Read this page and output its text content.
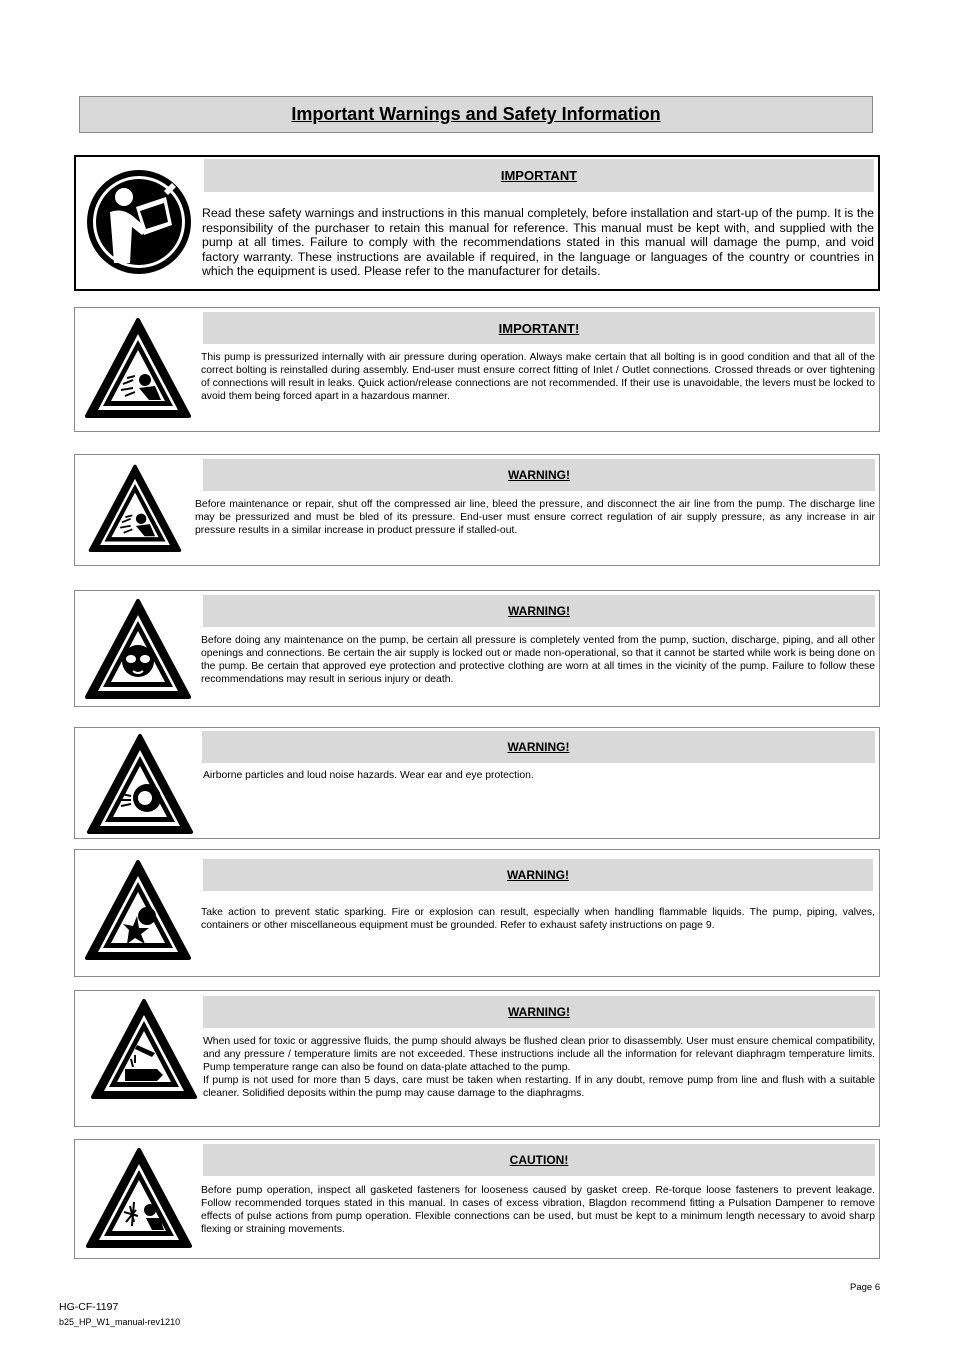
Important Warnings and Safety Information
IMPORTANT
Read these safety warnings and instructions in this manual completely, before installation and start-up of the pump. It is the responsibility of the purchaser to retain this manual for reference. This manual must be kept with, and supplied with the pump at all times. Failure to comply with the recommendations stated in this manual will damage the pump, and void factory warranty. These instructions are available if required, in the language or languages of the country or countries in which the equipment is used. Please refer to the manufacturer for details.
IMPORTANT!
This pump is pressurized internally with air pressure during operation. Always make certain that all bolting is in good condition and that all of the correct bolting is reinstalled during assembly. End-user must ensure correct fitting of Inlet / Outlet connections. Crossed threads or over tightening of connections will result in leaks. Quick action/release connections are not recommended. If their use is unavoidable, the levers must be locked to avoid them being forced apart in a hazardous manner.
WARNING!
Before maintenance or repair, shut off the compressed air line, bleed the pressure, and disconnect the air line from the pump. The discharge line may be pressurized and must be bled of its pressure. End-user must ensure correct regulation of air supply pressure, as any increase in air pressure results in a similar increase in product pressure if stalled-out.
WARNING!
Before doing any maintenance on the pump, be certain all pressure is completely vented from the pump, suction, discharge, piping, and all other openings and connections. Be certain the air supply is locked out or made non-operational, so that it cannot be started while work is being done on the pump. Be certain that approved eye protection and protective clothing are worn at all times in the vicinity of the pump. Failure to follow these recommendations may result in serious injury or death.
WARNING!
Airborne particles and loud noise hazards. Wear ear and eye protection.
WARNING!
Take action to prevent static sparking. Fire or explosion can result, especially when handling flammable liquids. The pump, piping, valves, containers or other miscellaneous equipment must be grounded. Refer to exhaust safety instructions on page 9.
WARNING!
When used for toxic or aggressive fluids, the pump should always be flushed clean prior to disassembly. User must ensure chemical compatibility, and any pressure / temperature limits are not exceeded. These instructions include all the information for relevant diaphragm temperature limits. Pump temperature range can also be found on data-plate attached to the pump.
If pump is not used for more than 5 days, care must be taken when restarting. If in any doubt, remove pump from line and flush with a suitable cleaner. Solidified deposits within the pump may cause damage to the diaphragms.
CAUTION!
Before pump operation, inspect all gasketed fasteners for looseness caused by gasket creep. Re-torque loose fasteners to prevent leakage. Follow recommended torques stated in this manual. In cases of excess vibration, Blagdon recommend fitting a Pulsation Dampener to remove effects of pulse actions from pump operation. Flexible connections can be used, but must be kept to a minimum length necessary to avoid sharp flexing or straining movements.
Page 6
HG-CF-1197
b25_HP_W1_manual-rev1210
